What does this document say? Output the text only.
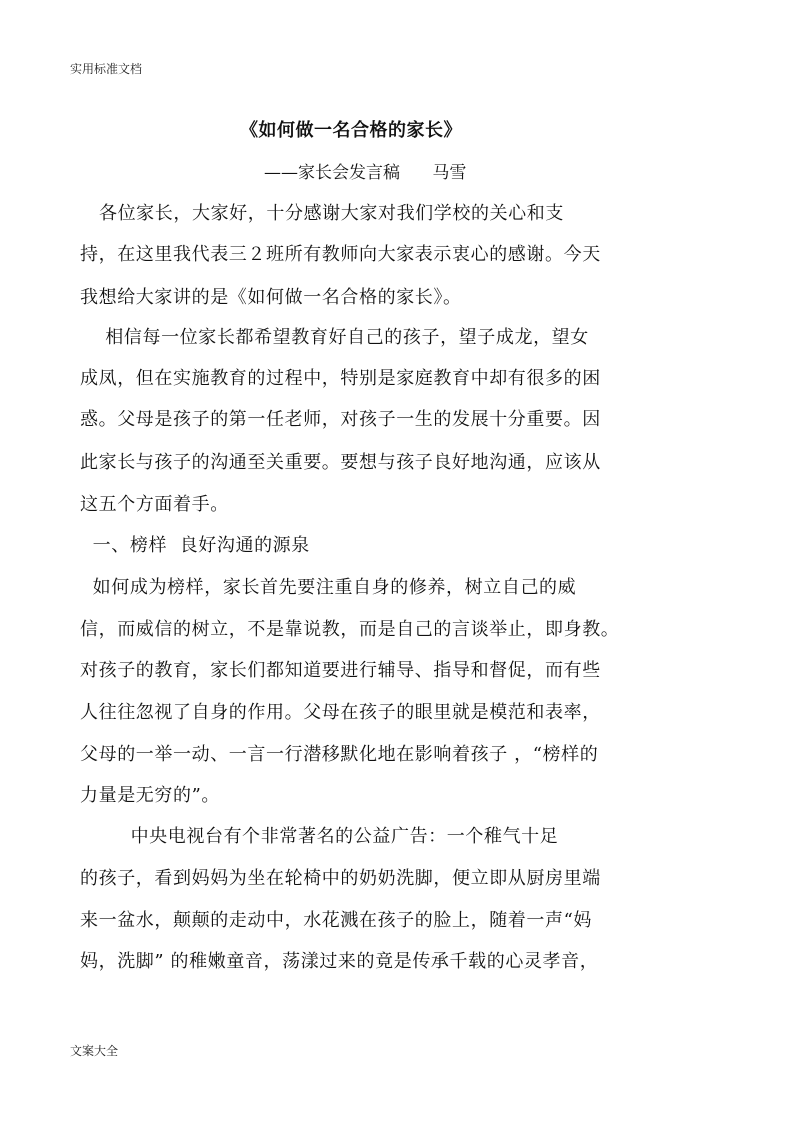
实用标准文档
《如何做一名合格的家长》
——家长会发言稿      马雪
各位家长，大家好，十分感谢大家对我们学校的关心和支
持，在这里我代表三２班所有教师向大家表示衷心的感谢。今天
我想给大家讲的是《如何做一名合格的家长》。
相信每一位家长都希望教育好自己的孩子，望子成龙，望女
成凤，但在实施教育的过程中，特别是家庭教育中却有很多的困
惑。父母是孩子的第一任老师，对孩子一生的发展十分重要。因
此家长与孩子的沟通至关重要。要想与孩子良好地沟通，应该从
这五个方面着手。
一、榜样  良好沟通的源泉
如何成为榜样，家长首先要注重自身的修养，树立自己的威
信，而威信的树立，不是靠说教，而是自己的言谈举止，即身教。
对孩子的教育，家长们都知道要进行辅导、指导和督促，而有些
人往往忽视了自身的作用。父母在孩子的眼里就是模范和表率，
父母的一举一动、一言一行潜移默化地在影响着孩子 ，“榜样的
力量是无穷的”。
中央电视台有个非常著名的公益广告：一个稚气十足
的孩子，看到妈妈为坐在轮椅中的奶奶洗脚，便立即从厨房里端
来一盆水，颠颠的走动中，水花溅在孩子的脸上，随着一声“妈
妈，洗脚” 的稚嫩童音，荡漾过来的竟是传承千载的心灵孝音，
文案大全
